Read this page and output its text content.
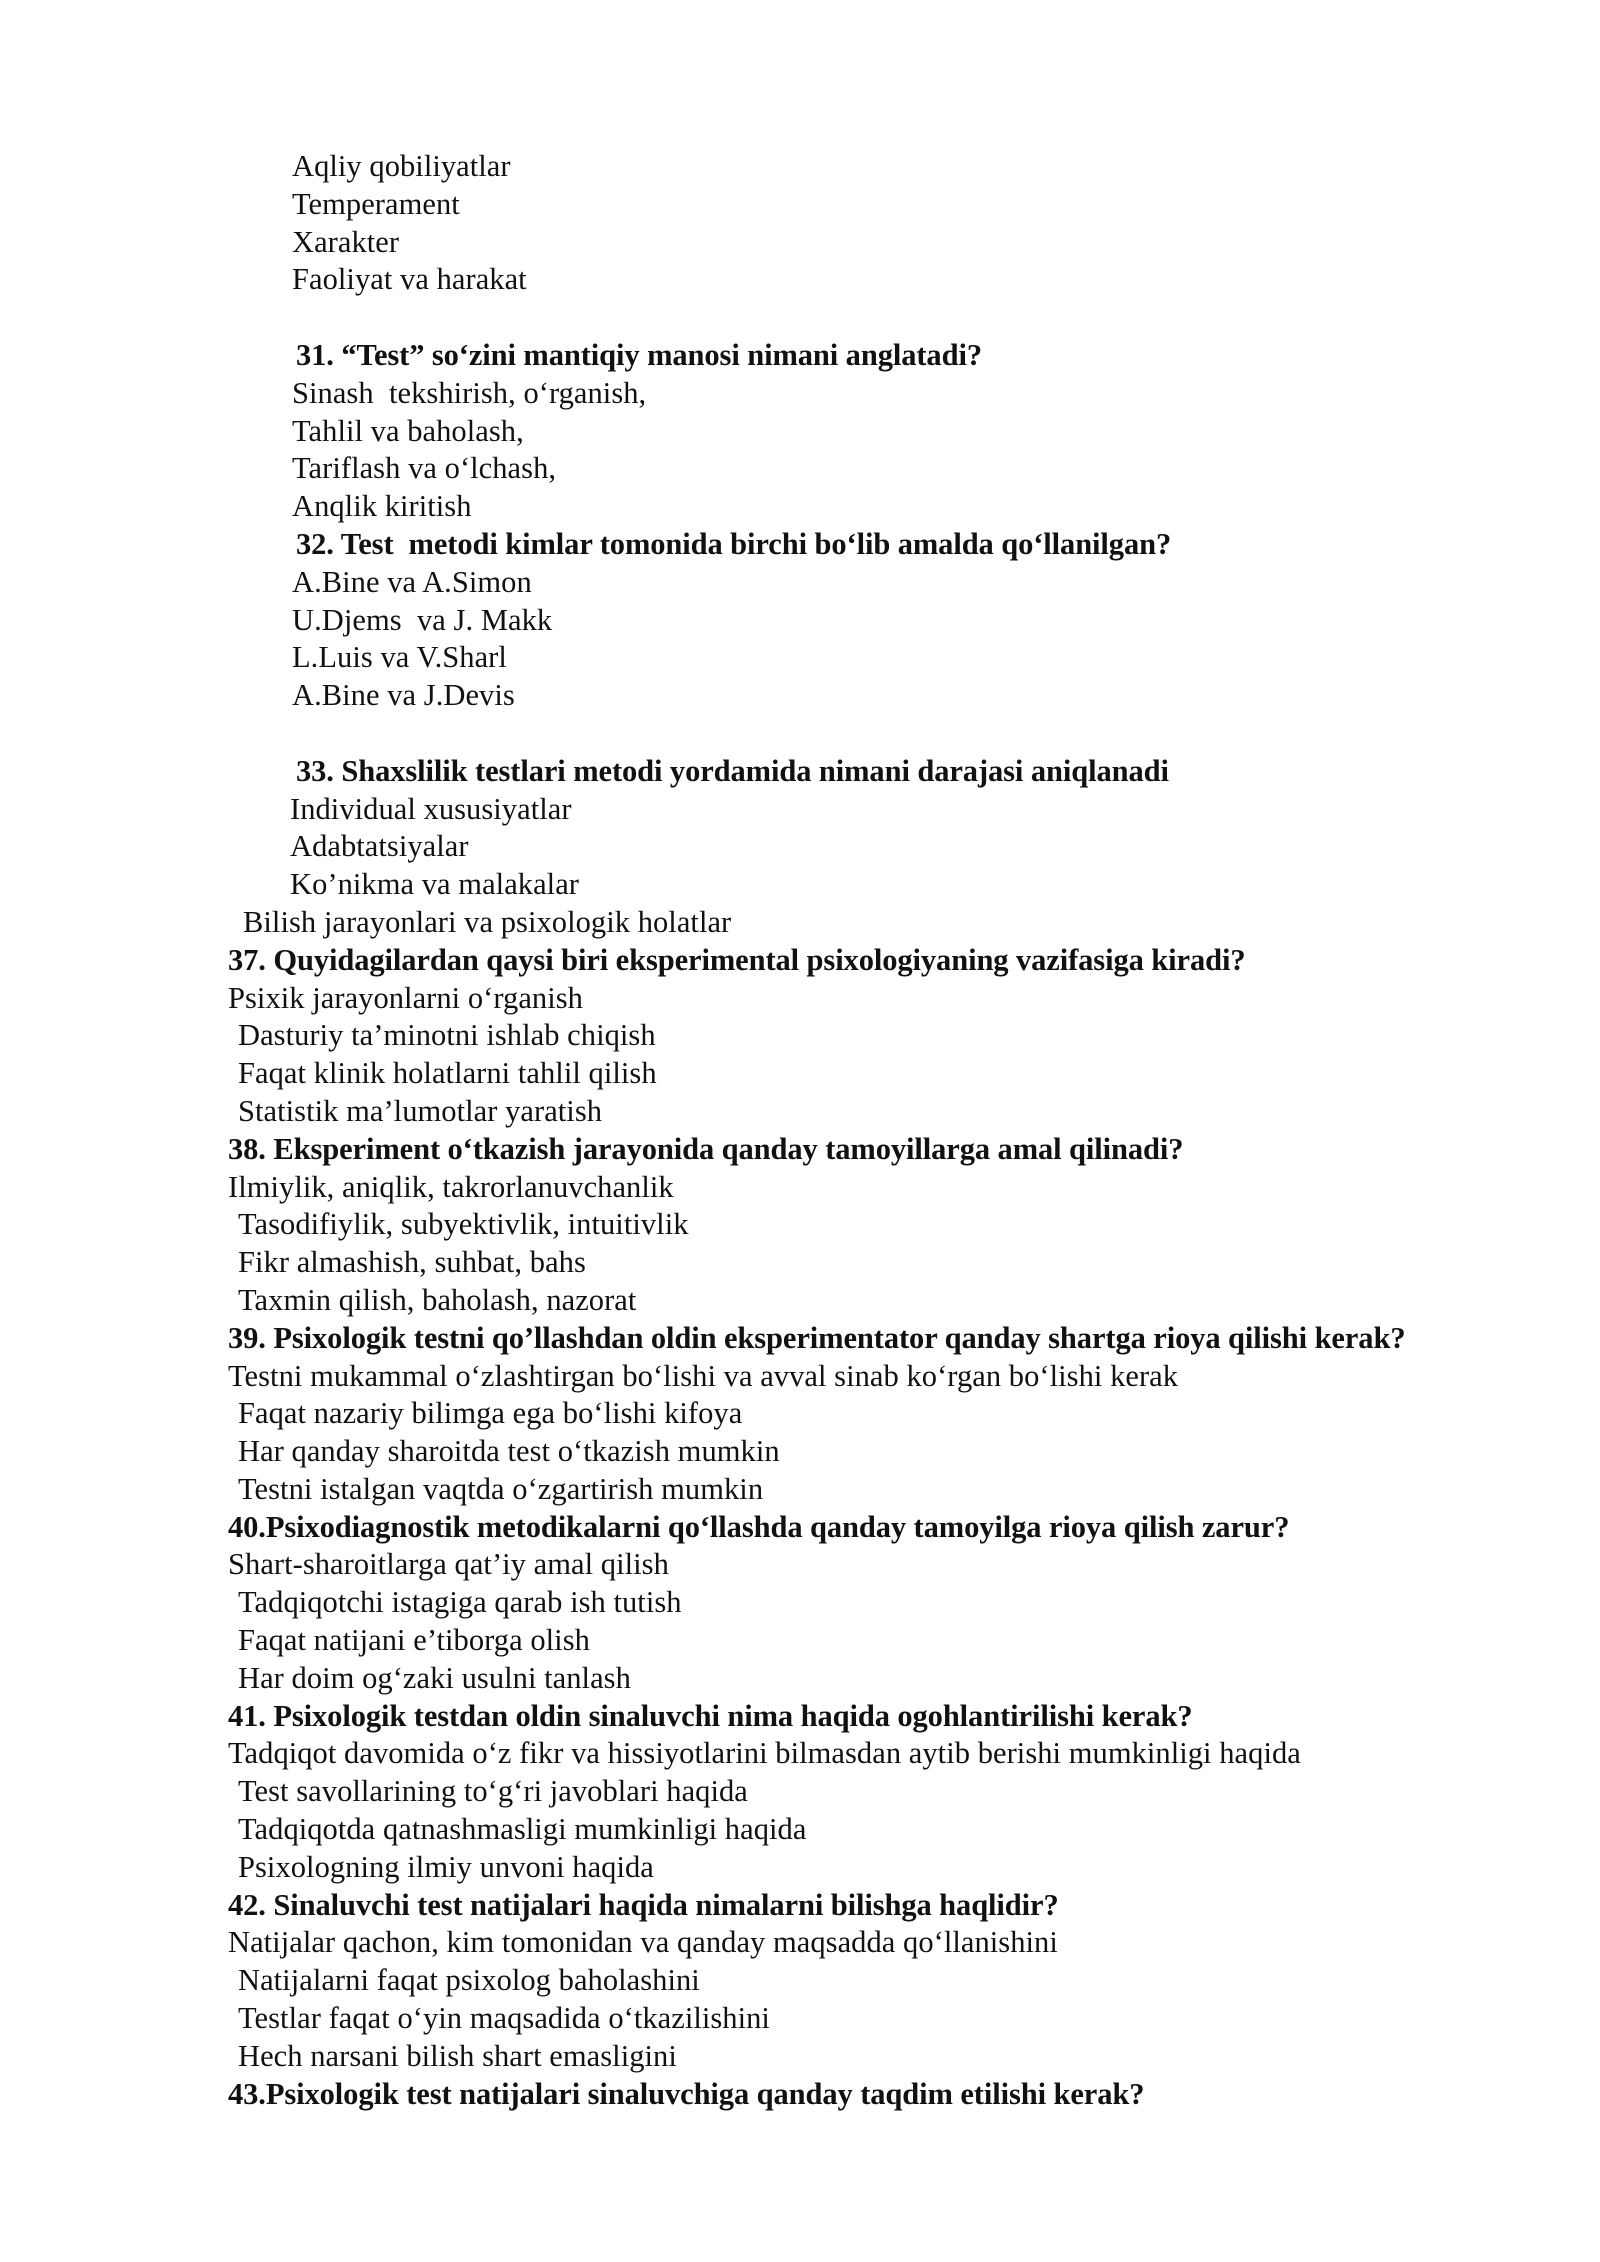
Aqliy qobiliyatlar
Temperament
Xarakter
Faoliyat va harakat
31. “Test” so‘zini mantiqiy manosi nimani anglatadi?
Sinash  tekshirish, o‘rganish,
Tahlil va baholash,
Tariflash va o‘lchash,
Anqlik kiritish
32. Test  metodi kimlar tomonida birchi bo‘lib amalda qo‘llanilgan?
A.Bine va A.Simon
U.Djems  va J. Makk
L.Luis va V.Sharl
A.Bine va J.Devis
33. Shaxslilik testlari metodi yordamida nimani darajasi aniqlanadi
Individual xususiyatlar
Adabtatsiyalar
Ko’nikma va malakalar
Bilish jarayonlari va psixologik holatlar
37. Quyidagilardan qaysi biri eksperimental psixologiyaning vazifasiga kiradi?
Psixik jarayonlarni o‘rganish
Dasturiy ta’minotni ishlab chiqish
Faqat klinik holatlarni tahlil qilish
Statistik ma’lumotlar yaratish
38. Eksperiment o‘tkazish jarayonida qanday tamoyillarga amal qilinadi?
Ilmiylik, aniqlik, takrorlanuvchanlik
Tasodifiylik, subyektivlik, intuitivlik
Fikr almashish, suhbat, bahs
Taxmin qilish, baholash, nazorat
39. Psixologik testni qo’llashdan oldin eksperimentator qanday shartga rioya qilishi kerak?
Testni mukammal o‘zlashtirgan bo‘lishi va avval sinab ko‘rgan bo‘lishi kerak
Faqat nazariy bilimga ega bo‘lishi kifoya
Har qanday sharoitda test o‘tkazish mumkin
Testni istalgan vaqtda o‘zgartirish mumkin
40.Psixodiagnostik metodikalarni qo‘llashda qanday tamoyilga rioya qilish zarur?
Shart-sharoitlarga qat’iy amal qilish
Tadqiqotchi istagiga qarab ish tutish
Faqat natijani e’tiborga olish
Har doim og‘zaki usulni tanlash
41. Psixologik testdan oldin sinaluvchi nima haqida ogohlantirilishi kerak?
Tadqiqot davomida o‘z fikr va hissiyotlarini bilmasdan aytib berishi mumkinligi haqida
Test savollarining to‘g‘ri javoblari haqida
Tadqiqotda qatnashmasligi mumkinligi haqida
Psixologning ilmiy unvoni haqida
42. Sinaluvchi test natijalari haqida nimalarni bilishga haqlidir?
Natijalar qachon, kim tomonidan va qanday maqsadda qo‘llanishini
Natijalarni faqat psixolog baholashini
Testlar faqat o‘yin maqsadida o‘tkazilishini
Hech narsani bilish shart emasligini
43.Psixologik test natijalari sinaluvchiga qanday taqdim etilishi kerak?
